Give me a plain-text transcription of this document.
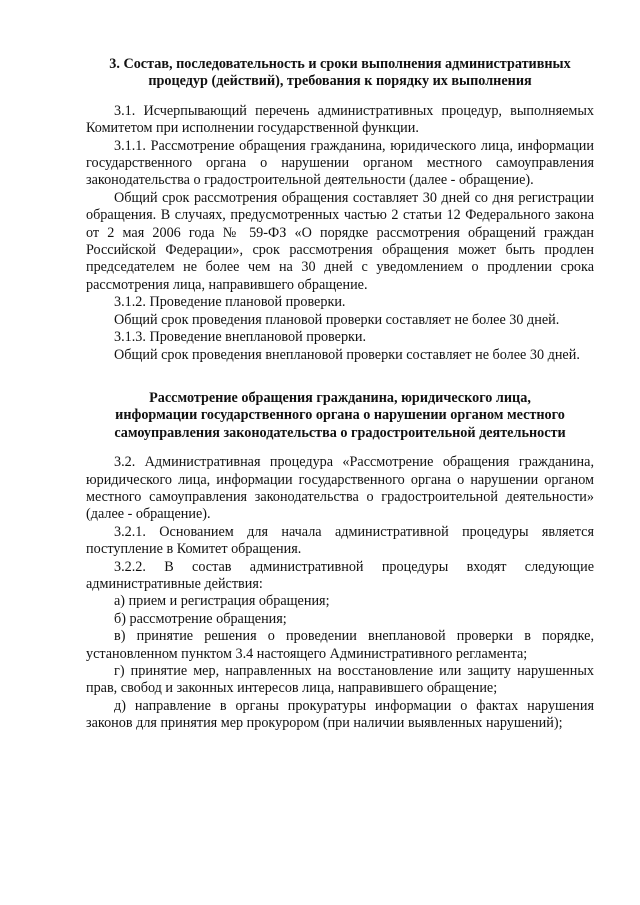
3. Состав, последовательность и сроки выполнения административных
процедур (действий), требования к порядку их выполнения

3.1. Исчерпывающий перечень административных процедур, выполняемых Комитетом при исполнении государственной функции.

3.1.1. Рассмотрение обращения гражданина, юридического лица, информации государственного органа о нарушении органом местного самоуправления законодательства о градостроительной деятельности (далее - обращение).

Общий срок рассмотрения обращения составляет 30 дней со дня регистрации обращения. В случаях, предусмотренных частью 2 статьи 12 Федерального закона от 2 мая 2006 года № 59-ФЗ «О порядке рассмотрения обращений граждан Российской Федерации», срок рассмотрения обращения может быть продлен председателем не более чем на 30 дней с уведомлением о продлении срока рассмотрения лица, направившего обращение.

3.1.2. Проведение плановой проверки.

Общий срок проведения плановой проверки составляет не более 30 дней.

3.1.3. Проведение внеплановой проверки.

Общий срок проведения внеплановой проверки составляет не более 30 дней.

Рассмотрение обращения гражданина, юридического лица,
информации государственного органа о нарушении органом местного
самоуправления законодательства о градостроительной деятельности

3.2. Административная процедура «Рассмотрение обращения гражданина, юридического лица, информации государственного органа о нарушении органом местного самоуправления законодательства о градостроительной деятельности» (далее - обращение).

3.2.1. Основанием для начала административной процедуры является поступление в Комитет обращения.

3.2.2. В состав административной процедуры входят следующие административные действия:

а) прием и регистрация обращения;

б) рассмотрение обращения;

в) принятие решения о проведении внеплановой проверки в порядке, установленном пунктом 3.4 настоящего Административного регламента;

г) принятие мер, направленных на восстановление или защиту нарушенных прав, свобод и законных интересов лица, направившего обращение;

д) направление в органы прокуратуры информации о фактах нарушения законов для принятия мер прокурором (при наличии выявленных нарушений);
